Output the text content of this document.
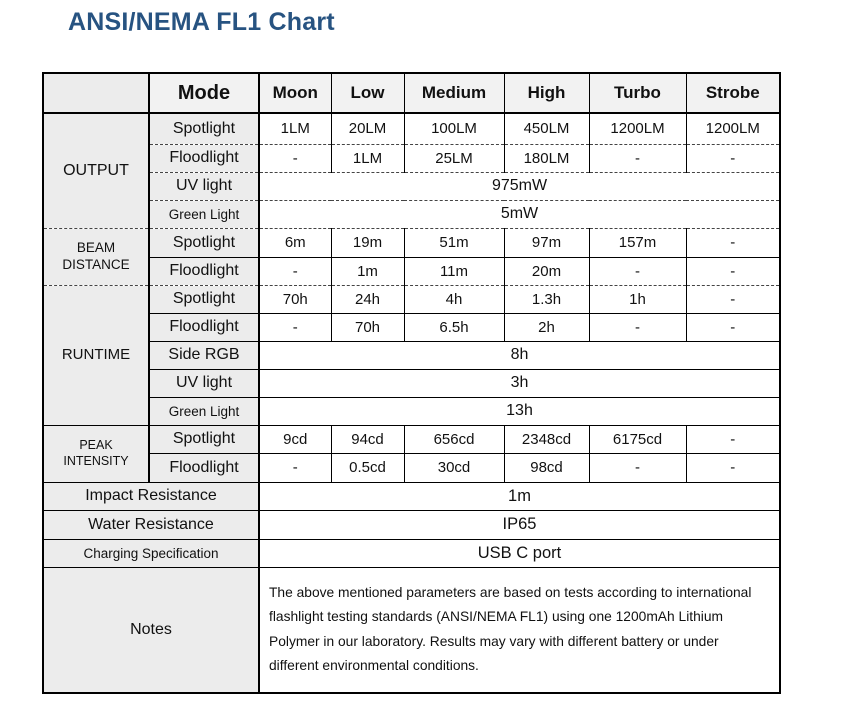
ANSI/NEMA FL1 Chart
	Mode	Moon	Low	Medium	High	Turbo	Strobe
OUTPUT	Spotlight	1LM	20LM	100LM	450LM	1200LM	1200LM
	Floodlight	-	1LM	25LM	180LM	-	-
	UV light	975mW					
	Green Light	5mW					
BEAM DISTANCE	Spotlight	6m	19m	51m	97m	157m	-
	Floodlight	-	1m	11m	20m	-	-
RUNTIME	Spotlight	70h	24h	4h	1.3h	1h	-
	Floodlight	-	70h	6.5h	2h	-	-
	Side RGB	8h					
	UV light	3h					
	Green Light	13h					
PEAK INTENSITY	Spotlight	9cd	94cd	656cd	2348cd	6175cd	-
	Floodlight	-	0.5cd	30cd	98cd	-	-
Impact Resistance		1m					
Water Resistance		IP65					
Charging Specification		USB C port					
Notes		The above mentioned parameters are based on tests according to international flashlight testing standards (ANSI/NEMA FL1) using one 1200mAh Lithium Polymer in our laboratory. Results may vary with different battery or under different environmental conditions.					
